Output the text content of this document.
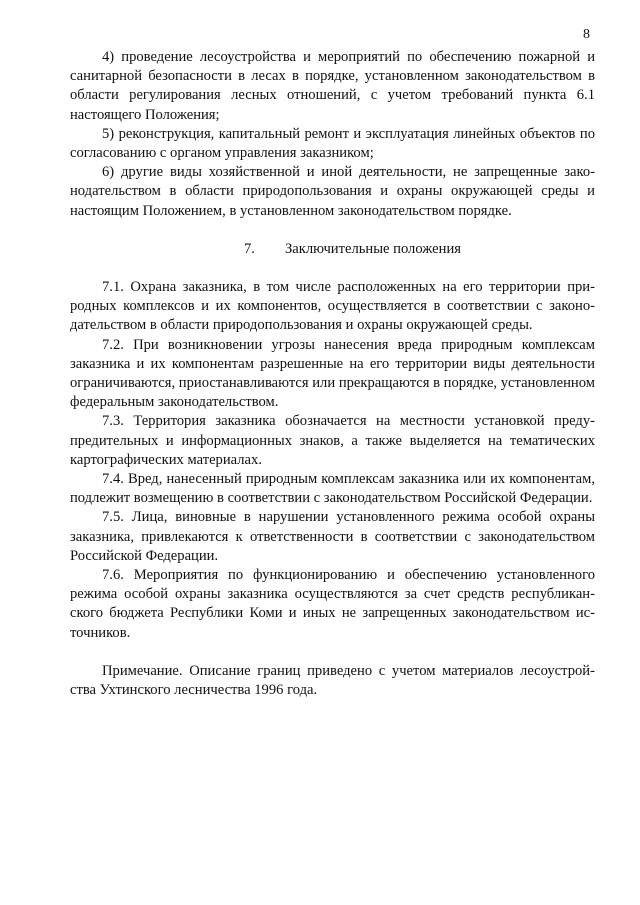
8

4) проведение лесоустройства и мероприятий по обеспечению пожарной и санитарной безопасности в лесах в порядке, установленном законодательством в области регулирования лесных отношений, с учетом требований пункта 6.1 настоящего Положения;

5) реконструкция, капитальный ремонт и эксплуатация линейных объектов по согласованию с органом управления заказником;

6) другие виды хозяйственной и иной деятельности, не запрещенные законодательством в области природопользования и охраны окружающей среды и настоящим Положением, в установленном законодательством порядке.

7. Заключительные положения

7.1. Охрана заказника, в том числе расположенных на его территории природных комплексов и их компонентов, осуществляется в соответствии с законодательством в области природопользования и охраны окружающей среды.

7.2. При возникновении угрозы нанесения вреда природным комплексам заказника и их компонентам разрешенные на его территории виды деятельности ограничиваются, приостанавливаются или прекращаются в порядке, установленном федеральным законодательством.

7.3. Территория заказника обозначается на местности установкой предупредительных и информационных знаков, а также выделяется на тематических картографических материалах.

7.4. Вред, нанесенный природным комплексам заказника или их компонентам, подлежит возмещению в соответствии с законодательством Российской Федерации.

7.5. Лица, виновные в нарушении установленного режима особой охраны заказника, привлекаются к ответственности в соответствии с законодательством Российской Федерации.

7.6. Мероприятия по функционированию и обеспечению установленного режима особой охраны заказника осуществляются за счет средств республиканского бюджета Республики Коми и иных не запрещенных законодательством источников.

Примечание. Описание границ приведено с учетом материалов лесоустройства Ухтинского лесничества 1996 года.
